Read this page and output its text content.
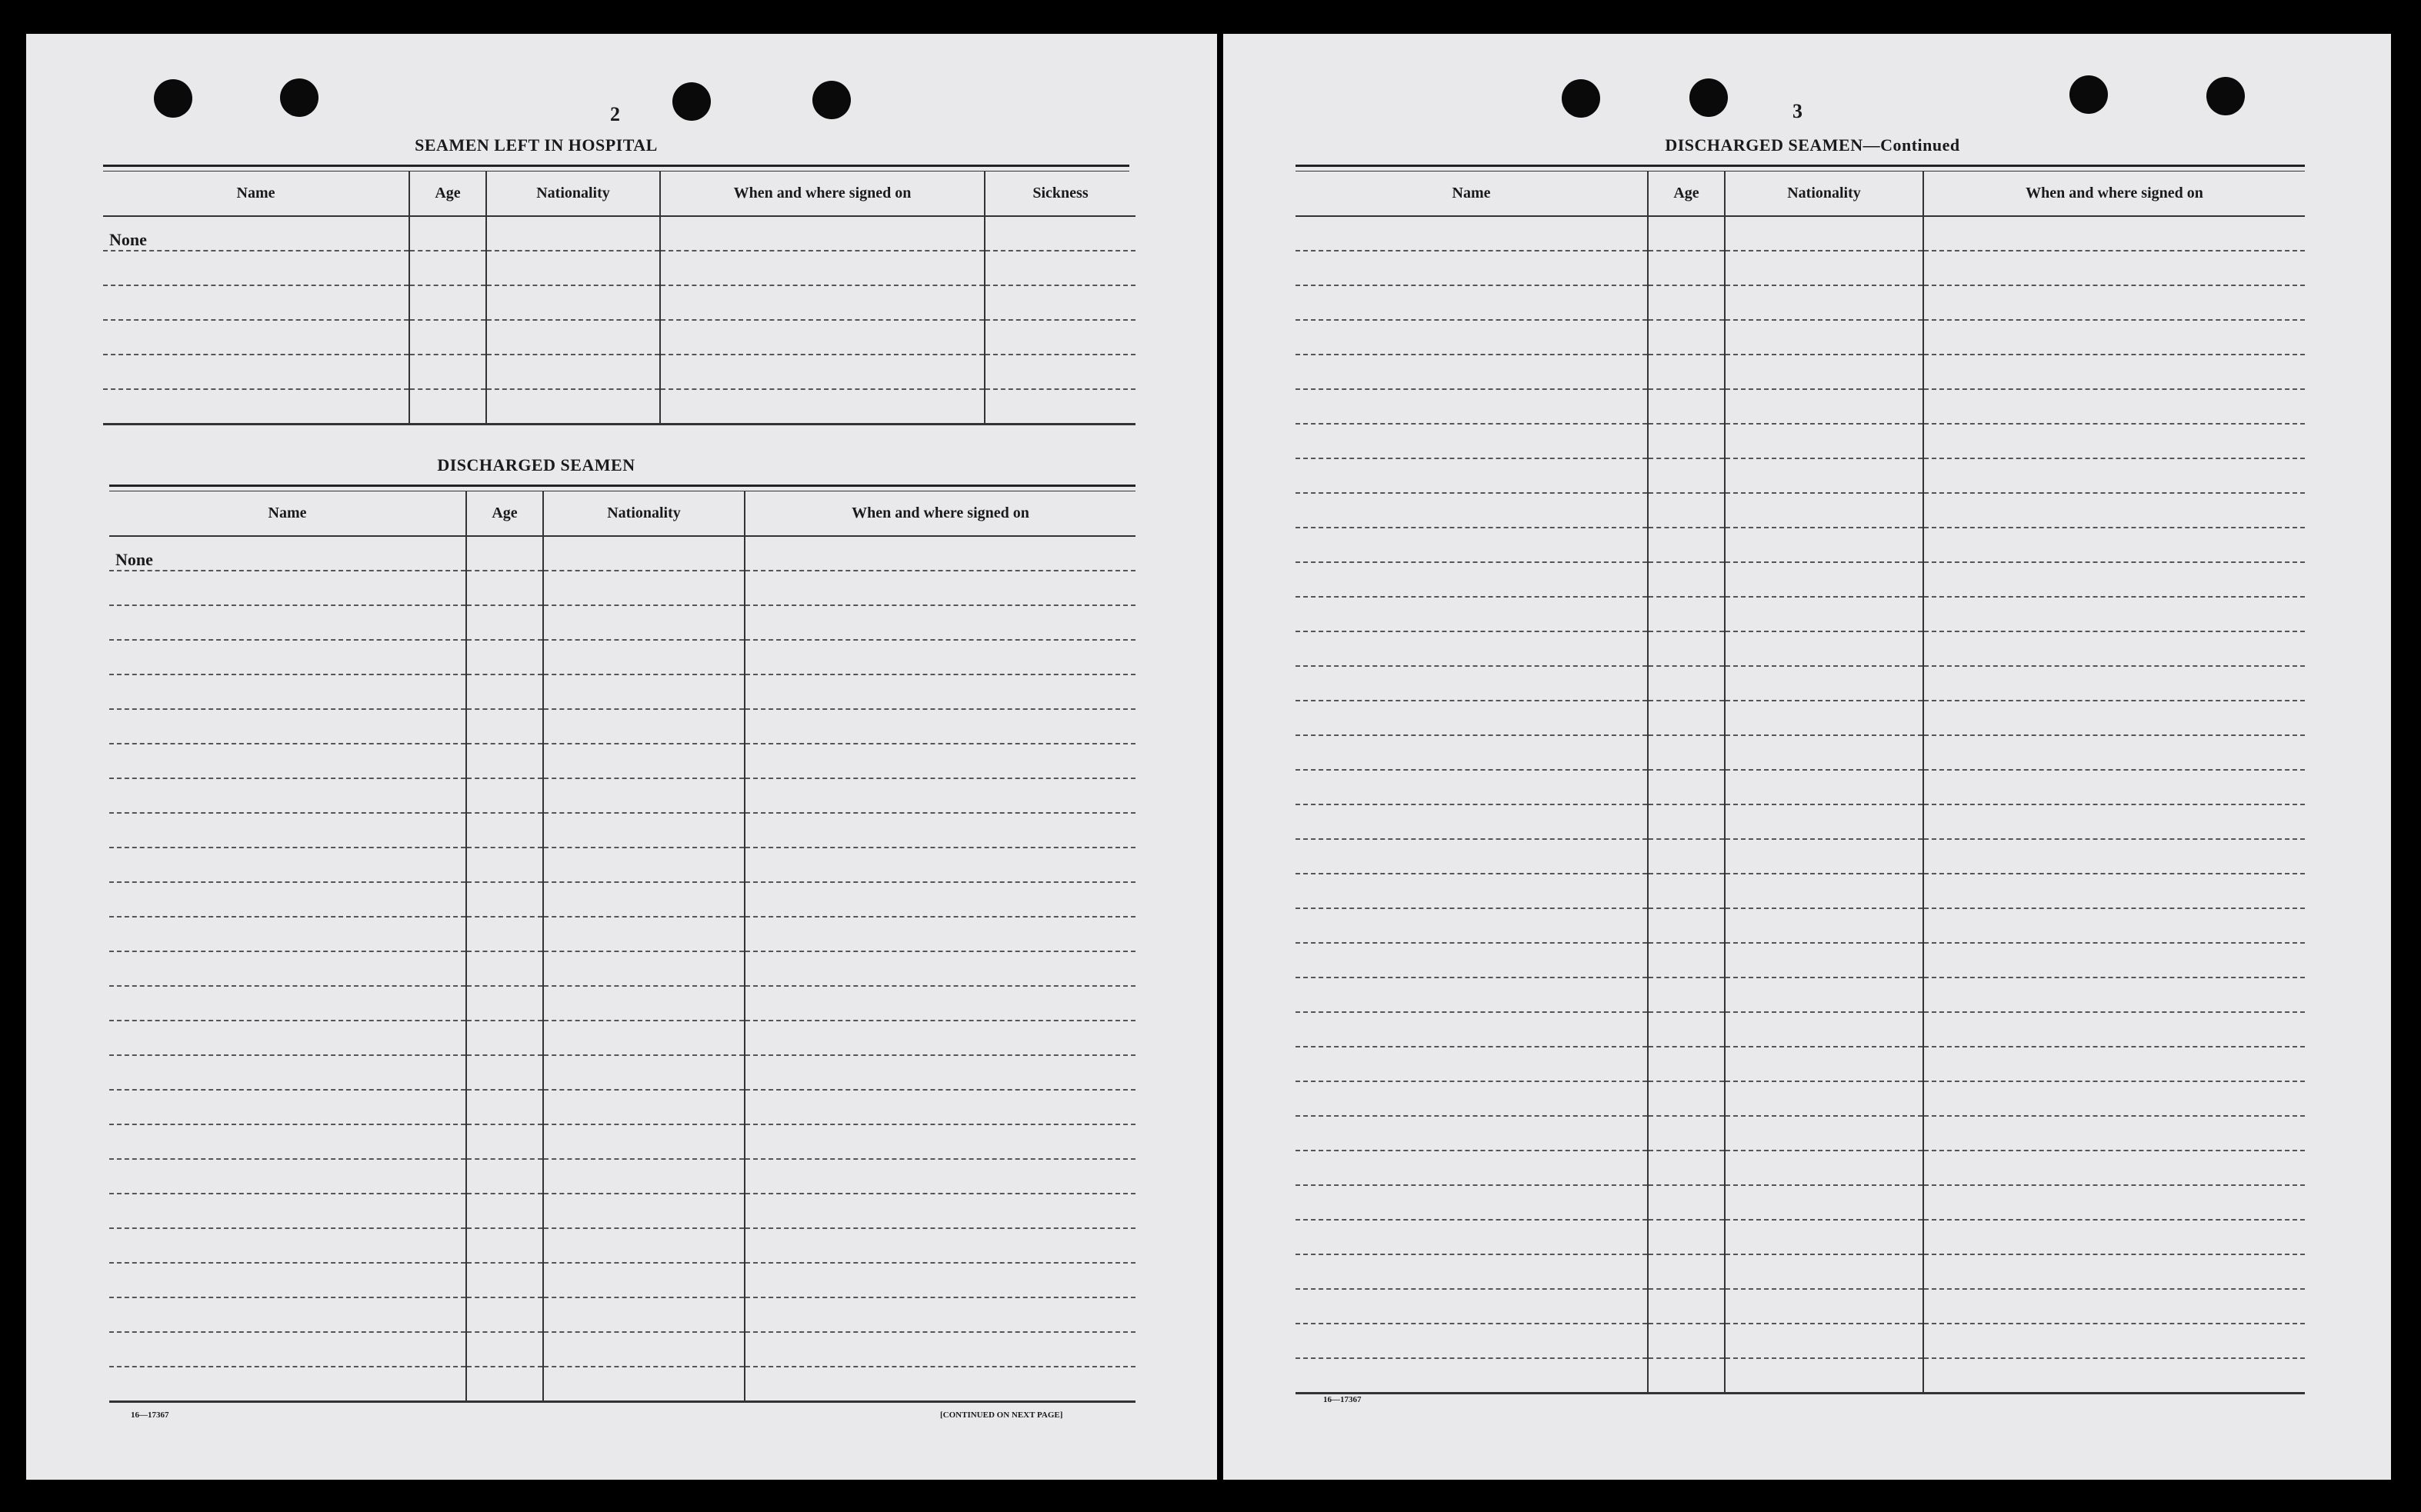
2
SEAMEN LEFT IN HOSPITAL
Name	Age	Nationality	When and where signed on	Sickness
None				

DISCHARGED SEAMEN
Name	Age	Nationality	When and where signed on
None			

16—17367	[CONTINUED ON NEXT PAGE]
3
DISCHARGED SEAMEN—Continued
Name	Age	Nationality	When and where signed on

16—17367
